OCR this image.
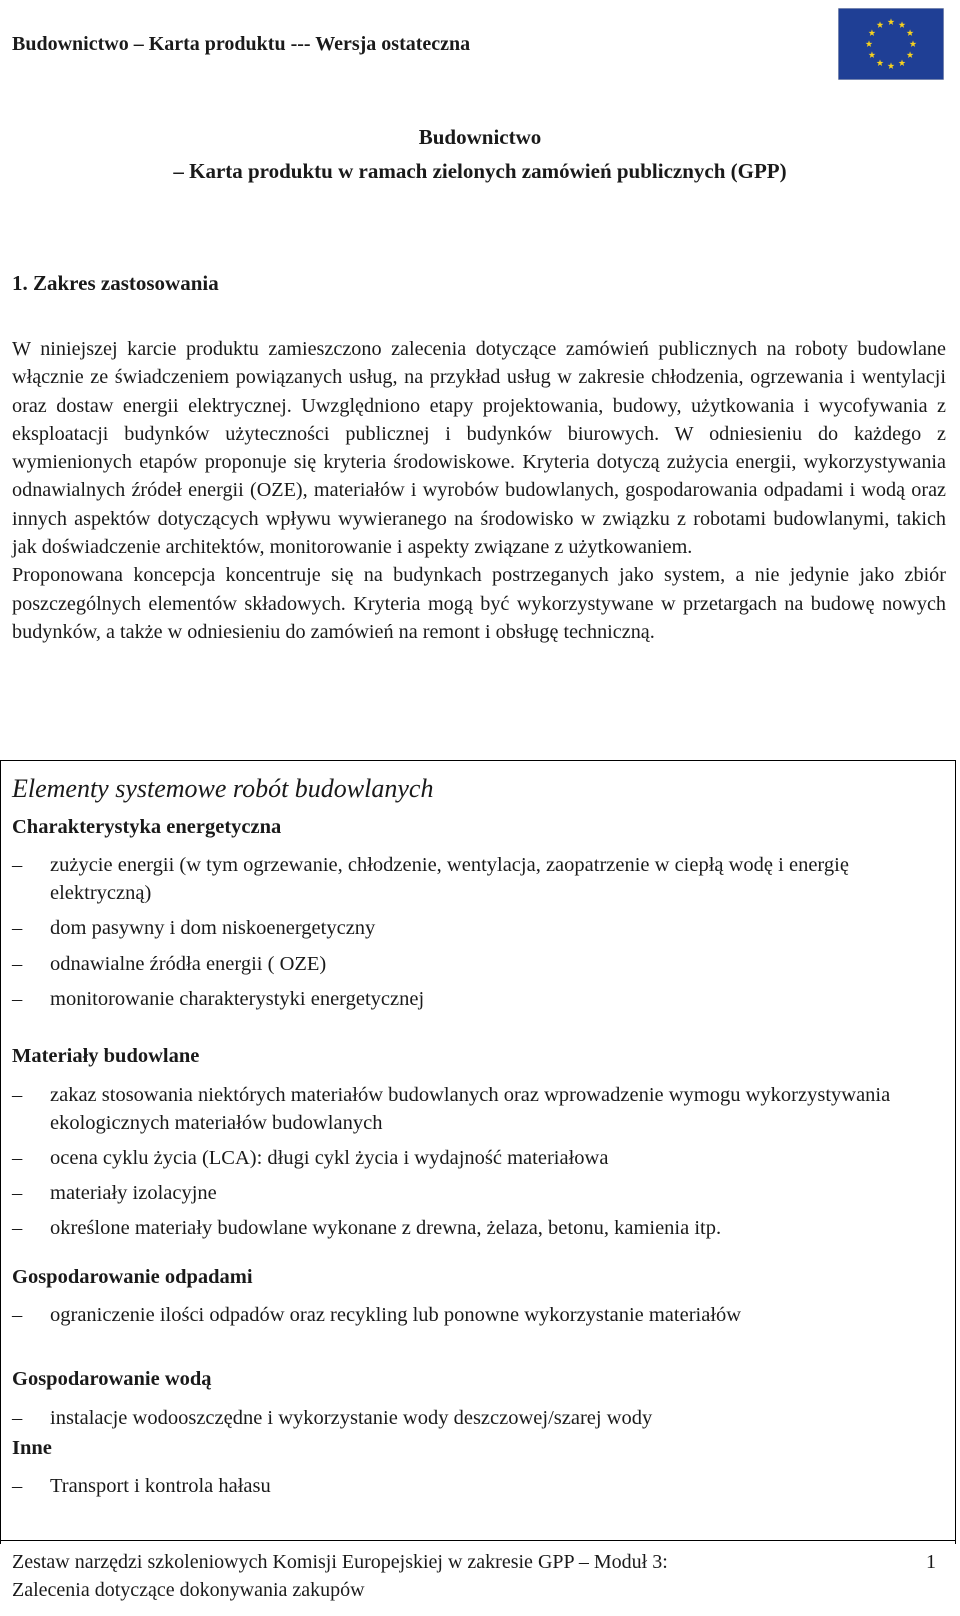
Budownictwo – Karta produktu --- Wersja ostateczna
Budownictwo
– Karta produktu w ramach zielonych zamówień publicznych (GPP)
1. Zakres zastosowania

W niniejszej karcie produktu zamieszczono zalecenia dotyczące zamówień publicznych na roboty budowlane włącznie ze świadczeniem powiązanych usług, na przykład usług w zakresie chłodzenia, ogrzewania i wentylacji oraz dostaw energii elektrycznej. Uwzględniono etapy projektowania, budowy, użytkowania i wycofywania z eksploatacji budynków użyteczności publicznej i budynków biurowych. W odniesieniu do każdego z wymienionych etapów proponuje się kryteria środowiskowe. Kryteria dotyczą zużycia energii, wykorzystywania odnawialnych źródeł energii (OZE), materiałów i wyrobów budowlanych, gospodarowania odpadami i wodą oraz innych aspektów dotyczących wpływu wywieranego na środowisko w związku z robotami budowlanymi, takich jak doświadczenie architektów, monitorowanie i aspekty związane z użytkowaniem.

Proponowana koncepcja koncentruje się na budynkach postrzeganych jako system, a nie jedynie jako zbiór poszczególnych elementów składowych. Kryteria mogą być wykorzystywane w przetargach na budowę nowych budynków, a także w odniesieniu do zamówień na remont i obsługę techniczną.

Elementy systemowe robót budowlanych
Charakterystyka energetyczna
– zużycie energii (w tym ogrzewanie, chłodzenie, wentylacja, zaopatrzenie w ciepłą wodę i energię elektryczną)
– dom pasywny i dom niskoenergetyczny
– odnawialne źródła energii ( OZE)
– monitorowanie charakterystyki energetycznej
Materiały budowlane
– zakaz stosowania niektórych materiałów budowlanych oraz wprowadzenie wymogu wykorzystywania ekologicznych materiałów budowlanych
– ocena cyklu życia (LCA): długi cykl życia i wydajność materiałowa
– materiały izolacyjne
– określone materiały budowlane wykonane z drewna, żelaza, betonu, kamienia itp.
Gospodarowanie odpadami
– ograniczenie ilości odpadów oraz recykling lub ponowne wykorzystanie materiałów
Gospodarowanie wodą
– instalacje wodooszczędne i wykorzystanie wody deszczowej/szarej wody
Inne
– Transport i kontrola hałasu
Zestaw narzędzi szkoleniowych Komisji Europejskiej w zakresie GPP – Moduł 3:
Zalecenia dotyczące dokonywania zakupów
1
